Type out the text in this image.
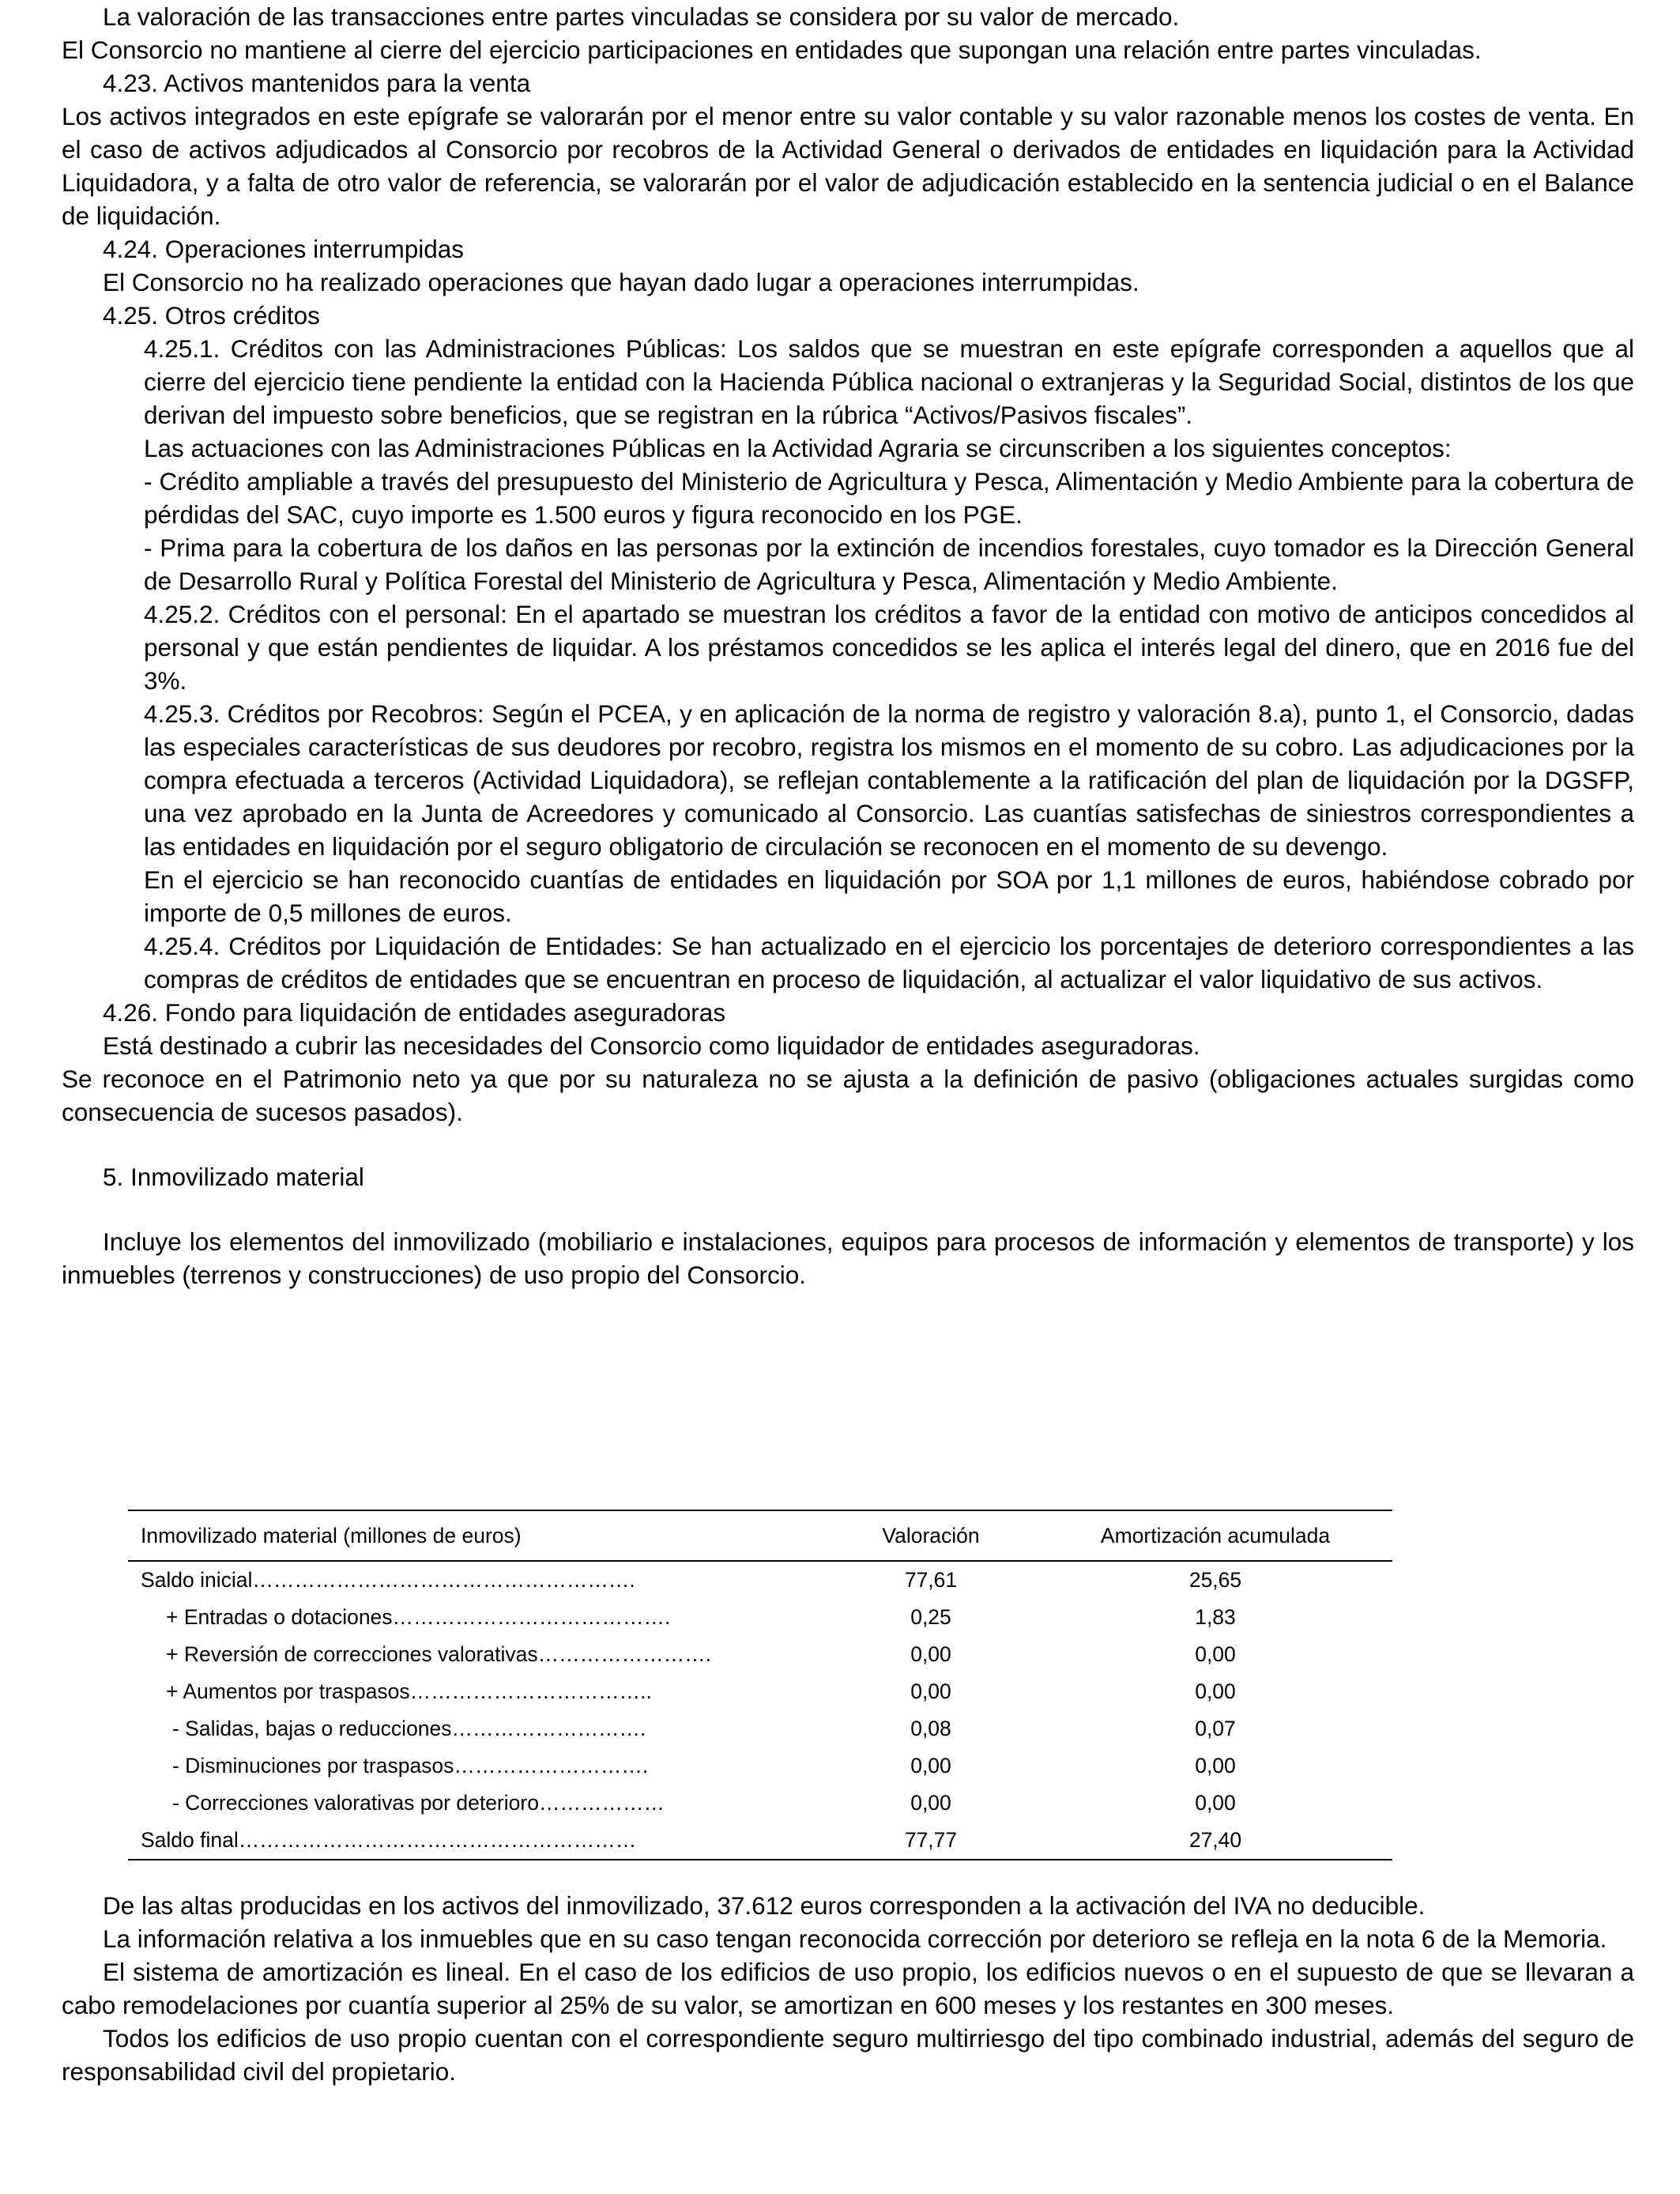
La valoración de las transacciones entre partes vinculadas se considera por su valor de mercado.

El Consorcio no mantiene al cierre del ejercicio participaciones en entidades que supongan una relación entre partes vinculadas.

4.23. Activos mantenidos para la venta

Los activos integrados en este epígrafe se valorarán por el menor entre su valor contable y su valor razonable menos los costes de venta. En el caso de activos adjudicados al Consorcio por recobros de la Actividad General o derivados de entidades en liquidación para la Actividad Liquidadora, y a falta de otro valor de referencia, se valorarán por el valor de adjudicación establecido en la sentencia judicial o en el Balance de liquidación.

4.24. Operaciones interrumpidas

El Consorcio no ha realizado operaciones que hayan dado lugar a operaciones interrumpidas.

4.25. Otros créditos

4.25.1. Créditos con las Administraciones Públicas: Los saldos que se muestran en este epígrafe corresponden a aquellos que al cierre del ejercicio tiene pendiente la entidad con la Hacienda Pública nacional o extranjeras y la Seguridad Social, distintos de los que derivan del impuesto sobre beneficios, que se registran en la rúbrica “Activos/Pasivos fiscales”.

Las actuaciones con las Administraciones Públicas en la Actividad Agraria se circunscriben a los siguientes conceptos:

- Crédito ampliable a través del presupuesto del Ministerio de Agricultura y Pesca, Alimentación y Medio Ambiente para la cobertura de pérdidas del SAC, cuyo importe es 1.500 euros y figura reconocido en los PGE.

- Prima para la cobertura de los daños en las personas por la extinción de incendios forestales, cuyo tomador es la Dirección General de Desarrollo Rural y Política Forestal del Ministerio de Agricultura y Pesca, Alimentación y Medio Ambiente.

4.25.2. Créditos con el personal: En el apartado se muestran los créditos a favor de la entidad con motivo de anticipos concedidos al personal y que están pendientes de liquidar. A los préstamos concedidos se les aplica el interés legal del dinero, que en 2016 fue del 3%.

4.25.3. Créditos por Recobros: Según el PCEA, y en aplicación de la norma de registro y valoración 8.a), punto 1, el Consorcio, dadas las especiales características de sus deudores por recobro, registra los mismos en el momento de su cobro. Las adjudicaciones por la compra efectuada a terceros (Actividad Liquidadora), se reflejan contablemente a la ratificación del plan de liquidación por la DGSFP, una vez aprobado en la Junta de Acreedores y comunicado al Consorcio. Las cuantías satisfechas de siniestros correspondientes a las entidades en liquidación por el seguro obligatorio de circulación se reconocen en el momento de su devengo.

En el ejercicio se han reconocido cuantías de entidades en liquidación por SOA por 1,1 millones de euros, habiéndose cobrado por importe de 0,5 millones de euros.

4.25.4. Créditos por Liquidación de Entidades: Se han actualizado en el ejercicio los porcentajes de deterioro correspondientes a las compras de créditos de entidades que se encuentran en proceso de liquidación, al actualizar el valor liquidativo de sus activos.

4.26. Fondo para liquidación de entidades aseguradoras

Está destinado a cubrir las necesidades del Consorcio como liquidador de entidades aseguradoras.

Se reconoce en el Patrimonio neto ya que por su naturaleza no se ajusta a la definición de pasivo (obligaciones actuales surgidas como consecuencia de sucesos pasados).

5. Inmovilizado material

Incluye los elementos del inmovilizado (mobiliario e instalaciones, equipos para procesos de información y elementos de transporte) y los inmuebles (terrenos y construcciones) de uso propio del Consorcio.

Inmovilizado material (millones de euros)	Valoración	Amortización acumulada
Saldo inicial……………………………………………….	77,61	25,65
+ Entradas o dotaciones………………………………….	0,25	1,83
+ Reversión de correcciones valorativas…………………….	0,00	0,00
+ Aumentos por traspasos……………………………..	0,00	0,00
- Salidas, bajas o reducciones……………………….	0,08	0,07
- Disminuciones por traspasos……………………….	0,00	0,00
- Correcciones valorativas por deterioro………………	0,00	0,00
Saldo final…………………………………………………	77,77	27,40

De las altas producidas en los activos del inmovilizado, 37.612 euros corresponden a la activación del IVA no deducible.

La información relativa a los inmuebles que en su caso tengan reconocida corrección por deterioro se refleja en la nota 6 de la Memoria.

El sistema de amortización es lineal. En el caso de los edificios de uso propio, los edificios nuevos o en el supuesto de que se llevaran a cabo remodelaciones por cuantía superior al 25% de su valor, se amortizan en 600 meses y los restantes en 300 meses.

Todos los edificios de uso propio cuentan con el correspondiente seguro multirriesgo del tipo combinado industrial, además del seguro de responsabilidad civil del propietario.
